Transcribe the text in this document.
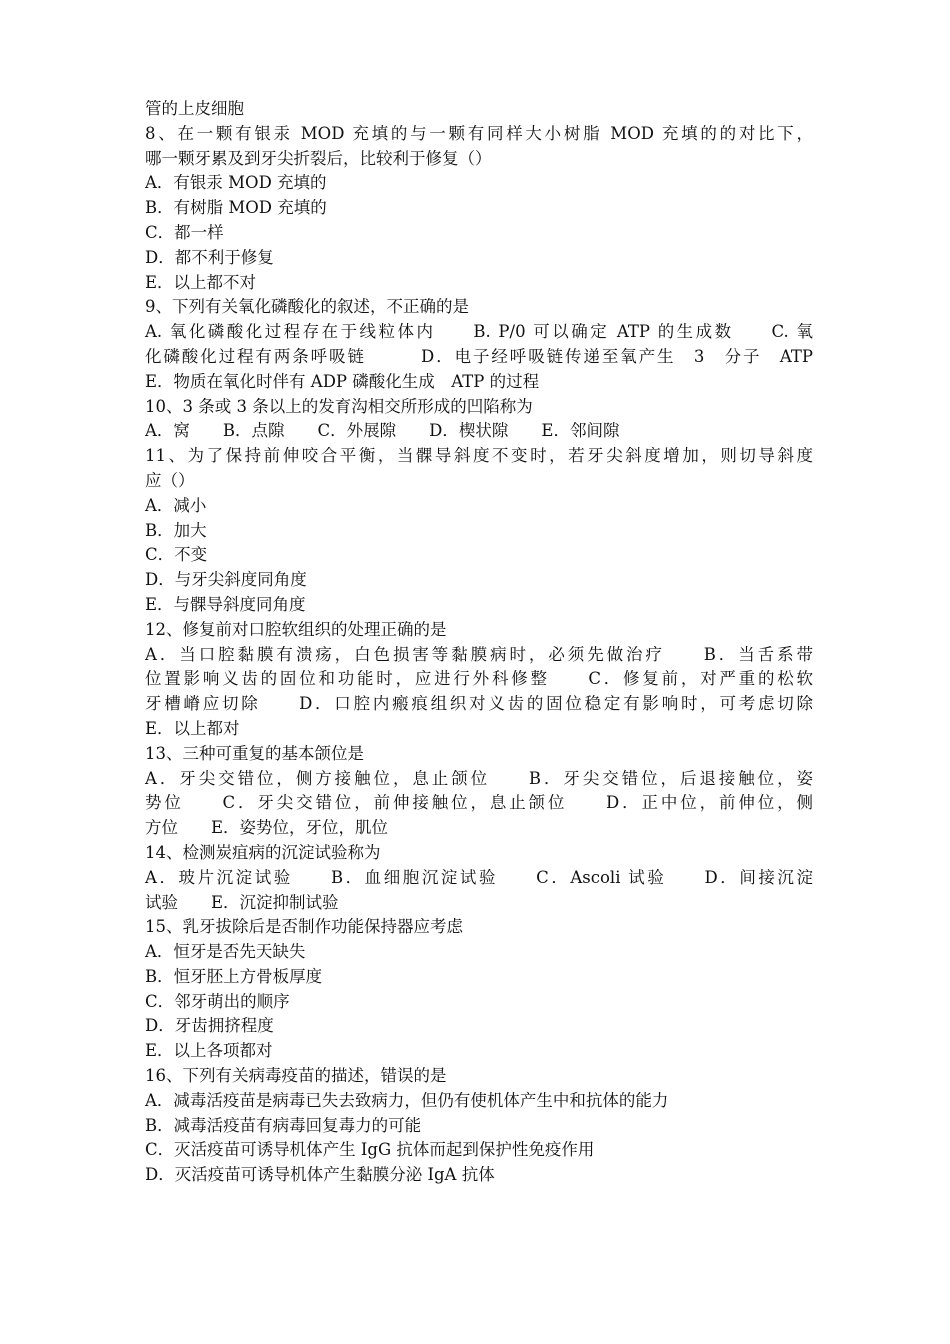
管的上皮细胞
8、在一颗有银汞 MOD 充填的与一颗有同样大小树脂 MOD 充填的的对比下，
哪一颗牙累及到牙尖折裂后，比较利于修复（）
A．有银汞 MOD 充填的
B．有树脂 MOD 充填的
C．都一样
D．都不利于修复
E．以上都不对
9、下列有关氧化磷酸化的叙述，不正确的是
A. 氧化磷酸化过程存在于线粒体内　　B. P/0 可以确定 ATP 的生成数　　C. 氧
化磷酸化过程有两条呼吸链　　　D．电子经呼吸链传递至氧产生　3　分子　ATP
E．物质在氧化时伴有 ADP 磷酸化生成　ATP 的过程
10、3 条或 3 条以上的发育沟相交所形成的凹陷称为
A．窝　　B．点隙　　C．外展隙　　D．楔状隙　　E．邻间隙
11、为了保持前伸咬合平衡，当髁导斜度不变时，若牙尖斜度增加，则切导斜度
应（）
A．减小
B．加大
C．不变
D．与牙尖斜度同角度
E．与髁导斜度同角度
12、修复前对口腔软组织的处理正确的是
A．当口腔黏膜有溃疡，白色损害等黏膜病时，必须先做治疗　　B．当舌系带
位置影响义齿的固位和功能时，应进行外科修整　　C．修复前，对严重的松软
牙槽嵴应切除　　D．口腔内瘢痕组织对义齿的固位稳定有影响时，可考虑切除
E．以上都对
13、三种可重复的基本颌位是
A．牙尖交错位，侧方接触位，息止颌位　　B．牙尖交错位，后退接触位，姿
势位　　C．牙尖交错位，前伸接触位，息止颌位　　D．正中位，前伸位，侧
方位　　E．姿势位，牙位，肌位
14、检测炭疽病的沉淀试验称为
A．玻片沉淀试验　　B．血细胞沉淀试验　　C．Ascoli 试验　　D．间接沉淀
试验　　E．沉淀抑制试验
15、乳牙拔除后是否制作功能保持器应考虑
A．恒牙是否先天缺失
B．恒牙胚上方骨板厚度
C．邻牙萌出的顺序
D．牙齿拥挤程度
E．以上各项都对
16、下列有关病毒疫苗的描述，错误的是
A．减毒活疫苗是病毒已失去致病力，但仍有使机体产生中和抗体的能力
B．减毒活疫苗有病毒回复毒力的可能
C．灭活疫苗可诱导机体产生 IgG 抗体而起到保护性免疫作用
D．灭活疫苗可诱导机体产生黏膜分泌 IgA 抗体
